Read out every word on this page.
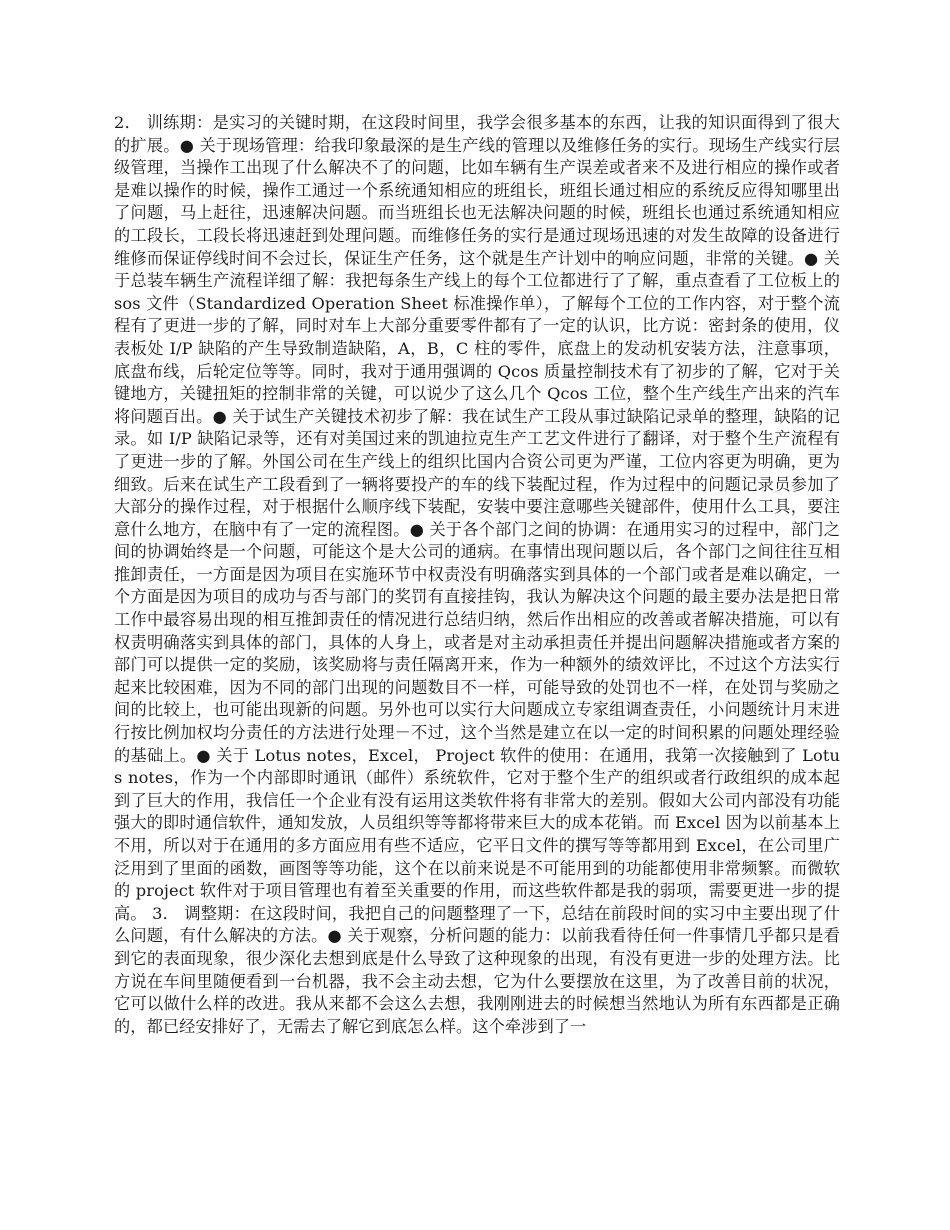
2． 训练期：是实习的关键时期，在这段时间里，我学会很多基本的东西，让我的知识面得到了很大的扩展。● 关于现场管理：给我印象最深的是生产线的管理以及维修任务的实行。现场生产线实行层级管理，当操作工出现了什么解决不了的问题，比如车辆有生产误差或者来不及进行相应的操作或者是难以操作的时候，操作工通过一个系统通知相应的班组长，班组长通过相应的系统反应得知哪里出了问题，马上赶往，迅速解决问题。而当班组长也无法解决问题的时候，班组长也通过系统通知相应的工段长，工段长将迅速赶到处理问题。而维修任务的实行是通过现场迅速的对发生故障的设备进行维修而保证停线时间不会过长，保证生产任务，这个就是生产计划中的响应问题，非常的关键。● 关于总装车辆生产流程详细了解：我把每条生产线上的每个工位都进行了了解，重点查看了工位板上的 sos 文件（Standardized Operation Sheet 标准操作单），了解每个工位的工作内容，对于整个流程有了更进一步的了解，同时对车上大部分重要零件都有了一定的认识，比方说：密封条的使用，仪表板处 I/P 缺陷的产生导致制造缺陷，A，B，C 柱的零件，底盘上的发动机安装方法，注意事项，底盘布线，后轮定位等等。同时，我对于通用强调的 Qcos 质量控制技术有了初步的了解，它对于关键地方，关键扭矩的控制非常的关键，可以说少了这么几个 Qcos 工位，整个生产线生产出来的汽车将问题百出。● 关于试生产关键技术初步了解：我在试生产工段从事过缺陷记录单的整理，缺陷的记录。如 I/P 缺陷记录等，还有对美国过来的凯迪拉克生产工艺文件进行了翻译，对于整个生产流程有了更进一步的了解。外国公司在生产线上的组织比国内合资公司更为严谨，工位内容更为明确，更为细致。后来在试生产工段看到了一辆将要投产的车的线下装配过程，作为过程中的问题记录员参加了大部分的操作过程，对于根据什么顺序线下装配，安装中要注意哪些关键部件，使用什么工具，要注意什么地方，在脑中有了一定的流程图。● 关于各个部门之间的协调：在通用实习的过程中，部门之间的协调始终是一个问题，可能这个是大公司的通病。在事情出现问题以后，各个部门之间往往互相推卸责任，一方面是因为项目在实施环节中权责没有明确落实到具体的一个部门或者是难以确定，一个方面是因为项目的成功与否与部门的奖罚有直接挂钩，我认为解决这个问题的最主要办法是把日常工作中最容易出现的相互推卸责任的情况进行总结归纳，然后作出相应的改善或者解决措施，可以有权责明确落实到具体的部门，具体的人身上，或者是对主动承担责任并提出问题解决措施或者方案的部门可以提供一定的奖励，该奖励将与责任隔离开来，作为一种额外的绩效评比，不过这个方法实行起来比较困难，因为不同的部门出现的问题数目不一样，可能导致的处罚也不一样，在处罚与奖励之间的比较上，也可能出现新的问题。另外也可以实行大问题成立专家组调查责任，小问题统计月末进行按比例加权均分责任的方法进行处理－不过，这个当然是建立在以一定的时间积累的问题处理经验的基础上。● 关于 Lotus notes，Excel， Project 软件的使用：在通用，我第一次接触到了 Lotus notes，作为一个内部即时通讯（邮件）系统软件，它对于整个生产的组织或者行政组织的成本起到了巨大的作用，我信任一个企业有没有运用这类软件将有非常大的差别。假如大公司内部没有功能强大的即时通信软件，通知发放，人员组织等等都将带来巨大的成本花销。而 Excel 因为以前基本上不用，所以对于在通用的多方面应用有些不适应，它平日文件的撰写等等都用到 Excel，在公司里广泛用到了里面的函数，画图等等功能，这个在以前来说是不可能用到的功能都使用非常频繁。而微软的 project 软件对于项目管理也有着至关重要的作用，而这些软件都是我的弱项，需要更进一步的提高。 3． 调整期：在这段时间，我把自己的问题整理了一下，总结在前段时间的实习中主要出现了什么问题，有什么解决的方法。● 关于观察，分析问题的能力：以前我看待任何一件事情几乎都只是看到它的表面现象，很少深化去想到底是什么导致了这种现象的出现，有没有更进一步的处理方法。比方说在车间里随便看到一台机器，我不会主动去想，它为什么要摆放在这里，为了改善目前的状况，它可以做什么样的改进。我从来都不会这么去想，我刚刚进去的时候想当然地认为所有东西都是正确的，都已经安排好了，无需去了解它到底怎么样。这个牵涉到了一
